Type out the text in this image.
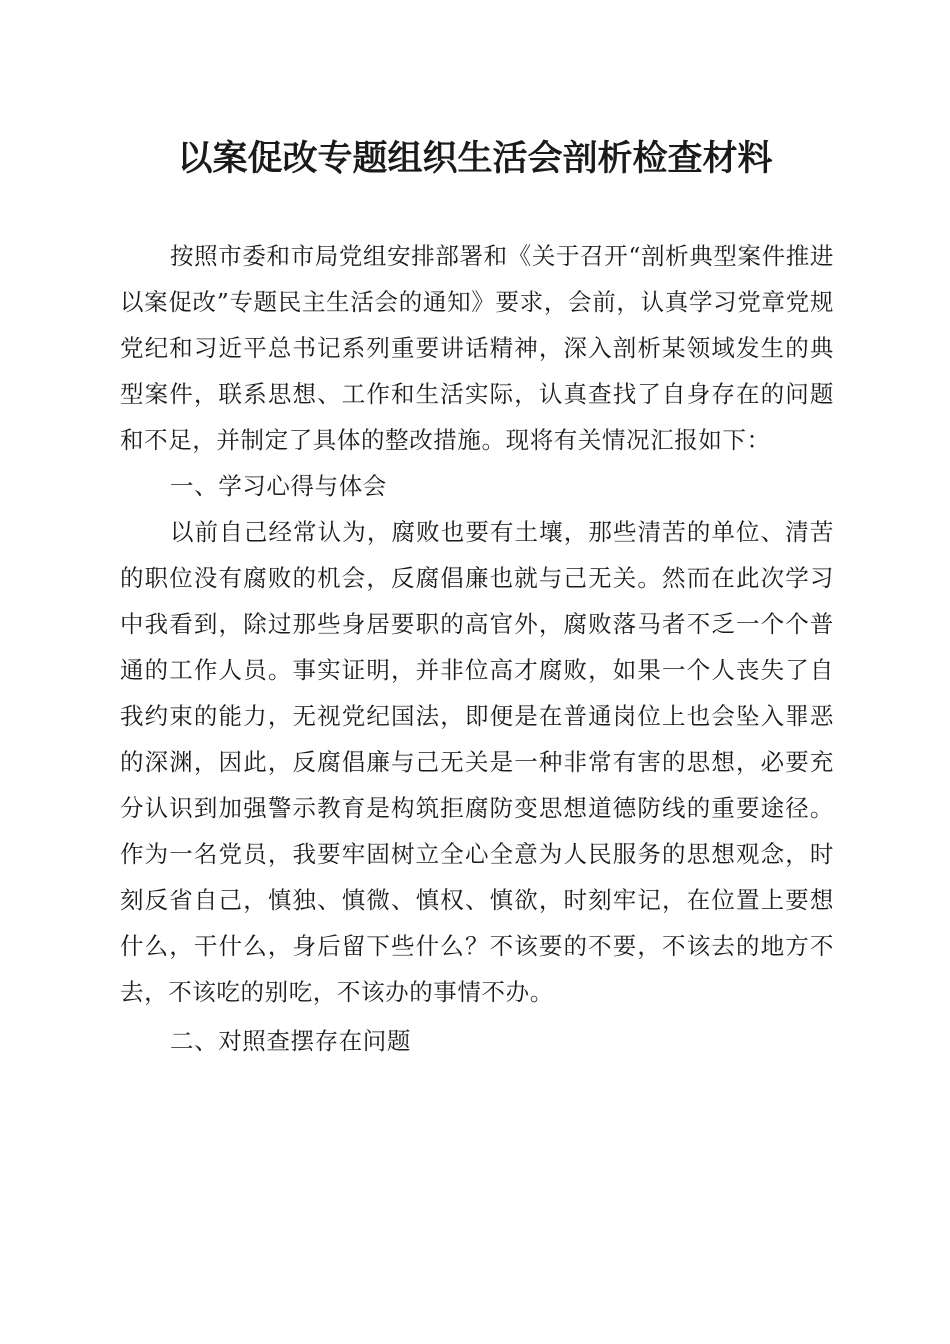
以案促改专题组织生活会剖析检查材料

按照市委和市局党组安排部署和《关于召开“剖析典型案件推进以案促改”专题民主生活会的通知》要求，会前，认真学习党章党规党纪和习近平总书记系列重要讲话精神，深入剖析某领域发生的典型案件，联系思想、工作和生活实际，认真查找了自身存在的问题和不足，并制定了具体的整改措施。现将有关情况汇报如下：

一、学习心得与体会

以前自己经常认为，腐败也要有土壤，那些清苦的单位、清苦的职位没有腐败的机会，反腐倡廉也就与己无关。然而在此次学习中我看到，除过那些身居要职的高官外，腐败落马者不乏一个个普通的工作人员。事实证明，并非位高才腐败，如果一个人丧失了自我约束的能力，无视党纪国法，即便是在普通岗位上也会坠入罪恶的深渊，因此，反腐倡廉与己无关是一种非常有害的思想，必要充分认识到加强警示教育是构筑拒腐防变思想道德防线的重要途径。作为一名党员，我要牢固树立全心全意为人民服务的思想观念，时刻反省自己，慎独、慎微、慎权、慎欲，时刻牢记，在位置上要想什么，干什么，身后留下些什么？不该要的不要，不该去的地方不去，不该吃的别吃，不该办的事情不办。

二、对照查摆存在问题
